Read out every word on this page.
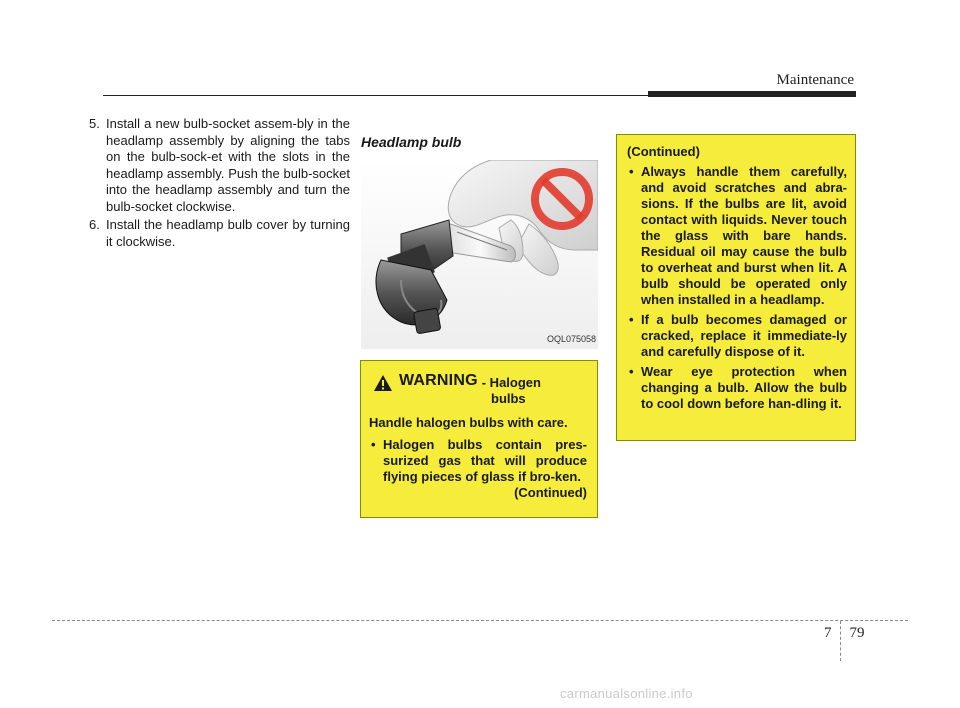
Maintenance
5. Install a new bulb-socket assem-bly in the headlamp assembly by aligning the tabs on the bulb-sock-et with the slots in the headlamp assembly. Push the bulb-socket into the headlamp assembly and turn the bulb-socket clockwise.
6. Install the headlamp bulb cover by turning it clockwise.
Headlamp bulb
OQL075058
WARNING - Halogen
bulbs
Handle halogen bulbs with care.
• Halogen bulbs contain pres-surized gas that will produce flying pieces of glass if bro-ken.
(Continued)
(Continued)
• Always handle them carefully, and avoid scratches and abra-sions. If the bulbs are lit, avoid contact with liquids. Never touch the glass with bare hands. Residual oil may cause the bulb to overheat and burst when lit. A bulb should be operated only when installed in a headlamp.
• If a bulb becomes damaged or cracked, replace it immediate-ly and carefully dispose of it.
• Wear eye protection when changing a bulb. Allow the bulb to cool down before han-dling it.
7 79
carmanualsonline.info
